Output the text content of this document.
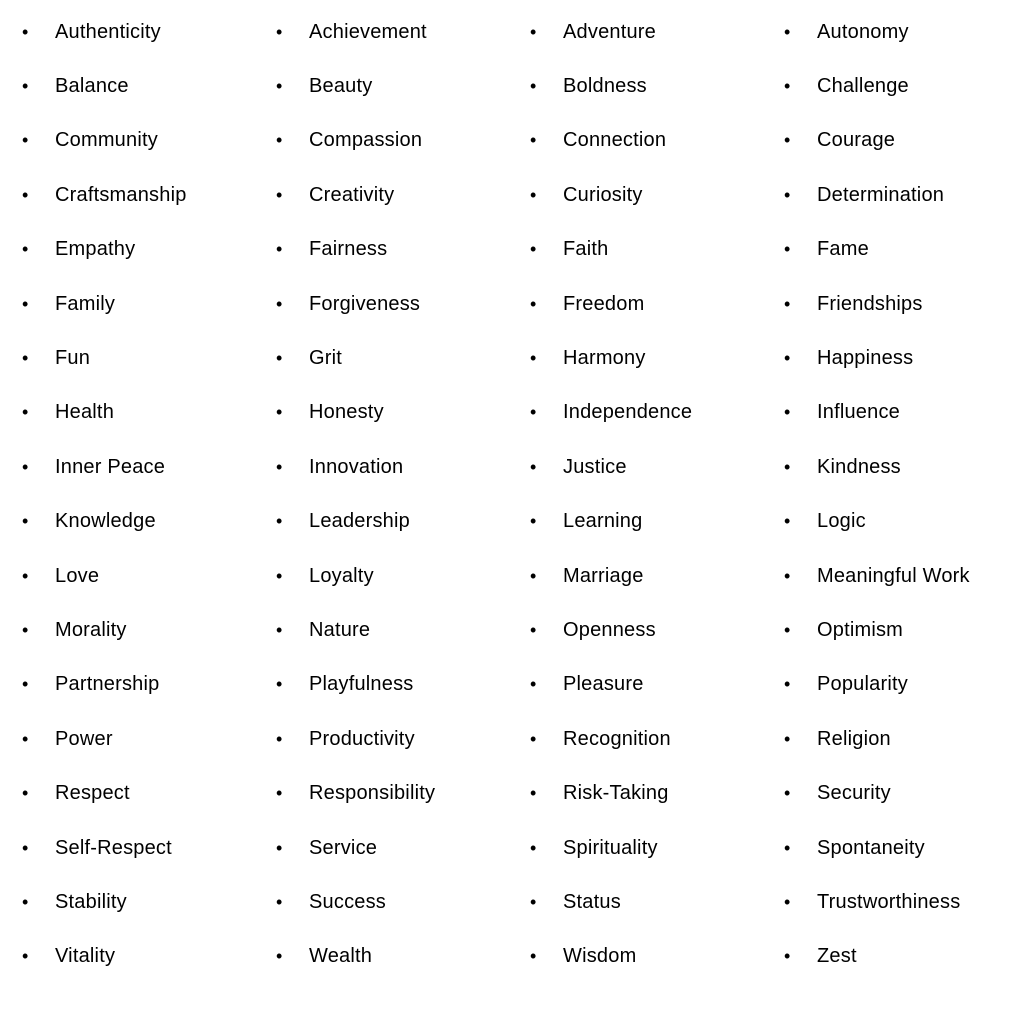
•	Authenticity
•	Balance
•	Community
•	Craftsmanship
•	Empathy
•	Family
•	Fun
•	Health
•	Inner Peace
•	Knowledge
•	Love
•	Morality
•	Partnership
•	Power
•	Respect
•	Self-Respect
•	Stability
•	Vitality
•	Achievement
•	Beauty
•	Compassion
•	Creativity
•	Fairness
•	Forgiveness
•	Grit
•	Honesty
•	Innovation
•	Leadership
•	Loyalty
•	Nature
•	Playfulness
•	Productivity
•	Responsibility
•	Service
•	Success
•	Wealth
•	Adventure
•	Boldness
•	Connection
•	Curiosity
•	Faith
•	Freedom
•	Harmony
•	Independence
•	Justice
•	Learning
•	Marriage
•	Openness
•	Pleasure
•	Recognition
•	Risk-Taking
•	Spirituality
•	Status
•	Wisdom
•	Autonomy
•	Challenge
•	Courage
•	Determination
•	Fame
•	Friendships
•	Happiness
•	Influence
•	Kindness
•	Logic
•	Meaningful Work
•	Optimism
•	Popularity
•	Religion
•	Security
•	Spontaneity
•	Trustworthiness
•	Zest
